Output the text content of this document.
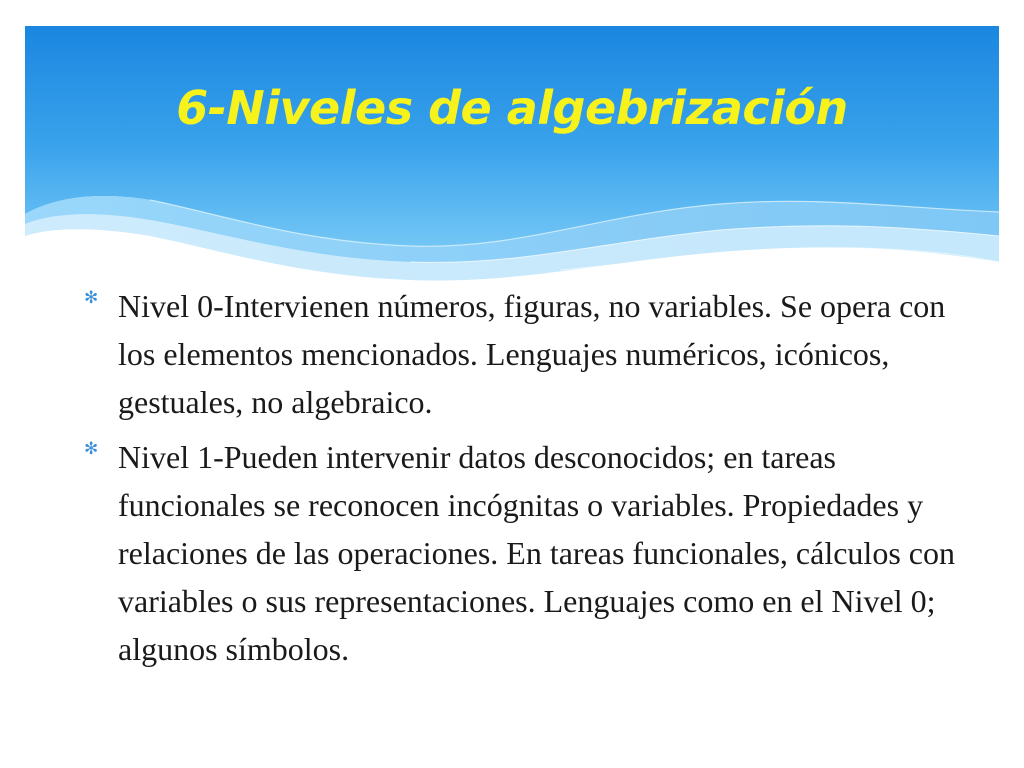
6-Niveles de algebrización
✻ Nivel 0-Intervienen números, figuras, no variables. Se opera con los elementos mencionados. Lenguajes numéricos, icónicos, gestuales, no algebraico.
✻ Nivel 1-Pueden intervenir datos desconocidos; en tareas funcionales se reconocen incógnitas o variables. Propiedades y relaciones de las operaciones. En tareas funcionales, cálculos con variables o sus representaciones. Lenguajes como en el Nivel 0; algunos símbolos.
